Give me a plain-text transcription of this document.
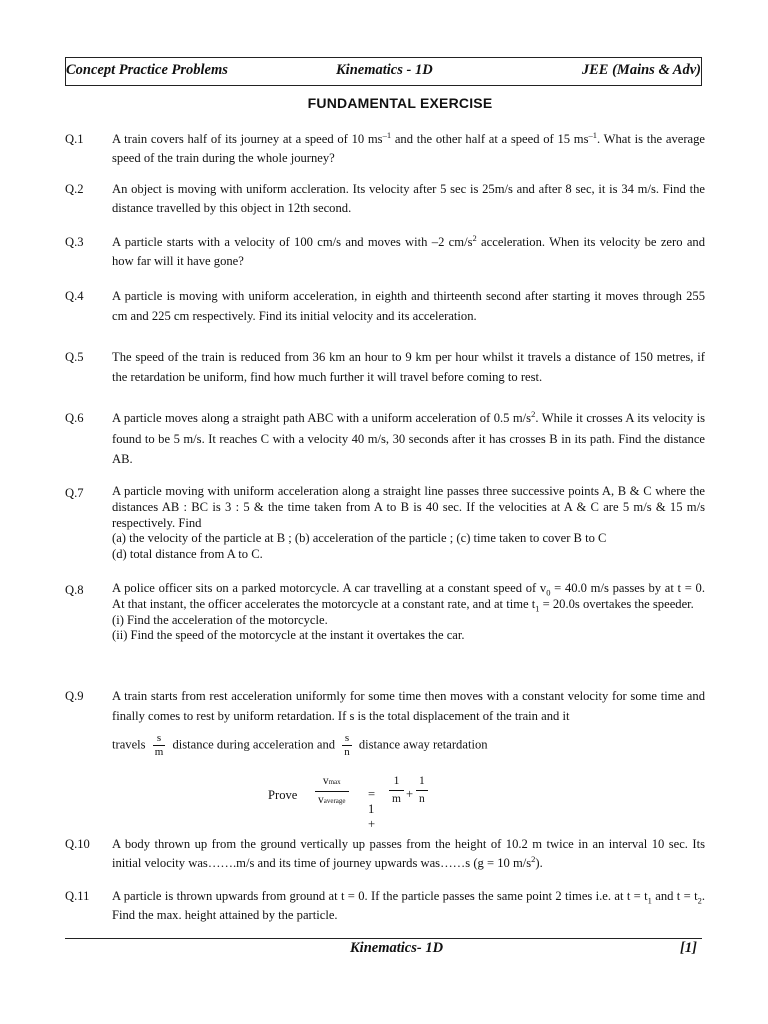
Concept Practice Problems	Kinematics - 1D	JEE (Mains & Adv)
FUNDAMENTAL EXERCISE
Q.1 A train covers half of its journey at a speed of 10 $ms^{-1}$ and the other half at a speed of 15 $ms^{-1}$. What is the average speed of the train during the whole journey?
Q.2 An object is moving with uniform accleration. Its velocity after 5 sec is 25m/s and after 8 sec, it is 34 m/s. Find the distance travelled by this object in 12th second.
Q.3 A particle starts with a velocity of 100 cm/s and moves with –2 $cm/s^2$ acceleration. When its velocity be zero and how far will it have gone?
Q.4 A particle is moving with uniform acceleration, in eighth and thirteenth second after starting it moves through 255 cm and 225 cm respectively. Find its initial velocity and its acceleration.
Q.5 The speed of the train is reduced from 36 km an hour to 9 km per hour whilst it travels a distance of 150 metres, if the retardation be uniform, find how much further it will travel before coming to rest.
Q.6 A particle moves along a straight path ABC with a uniform acceleration of 0.5 $m/s^2$. While it crosses A its velocity is found to be 5 m/s. It reaches C with a velocity 40 m/s, 30 seconds after it has crosses B in its path. Find the distance AB.
Q.7 A particle moving with uniform acceleration along a straight line passes three successive points A, B & C where the distances AB : BC is 3 : 5 & the time taken from A to B is 40 sec. If the velocities at A & C are 5 m/s & 15 m/s respectively. Find
(a) the velocity of the particle at B ; (b) acceleration of the particle ; (c) time taken to cover B to C
(d) total distance from A to C.
Q.8 A police officer sits on a parked motorcycle. A car travelling at a constant speed of $v_0 = 40.0$ m/s passes by at t = 0. At that instant, the officer accelerates the motorcycle at a constant rate, and at time $t_1 = 20.0s$ overtakes the speeder.
(i) Find the acceleration of the motorcycle.
(ii) Find the speed of the motorcycle at the instant it overtakes the car.
Q.9 A train starts from rest acceleration uniformly for some time then moves with a constant velocity for some time and finally comes to rest by uniform retardation. If s is the total displacement of the train and it
travels $\frac{s}{m}$ distance during acceleration and $\frac{s}{n}$ distance away retardation
Prove
vmax
vaverage = 1 +
1
m +
1
n
Q.10 A body thrown up from the ground vertically up passes from the height of 10.2 m twice in an interval 10 sec. Its initial velocity was…….m/s and its time of journey upwards was……s (g = 10 $m/s^2$).
Q.11 A particle is thrown upwards from ground at t = 0. If the particle passes the same point 2 times i.e. at $t = t_1$ and $t = t_2$. Find the max. height attained by the particle.
Kinematics- 1D	[1]
